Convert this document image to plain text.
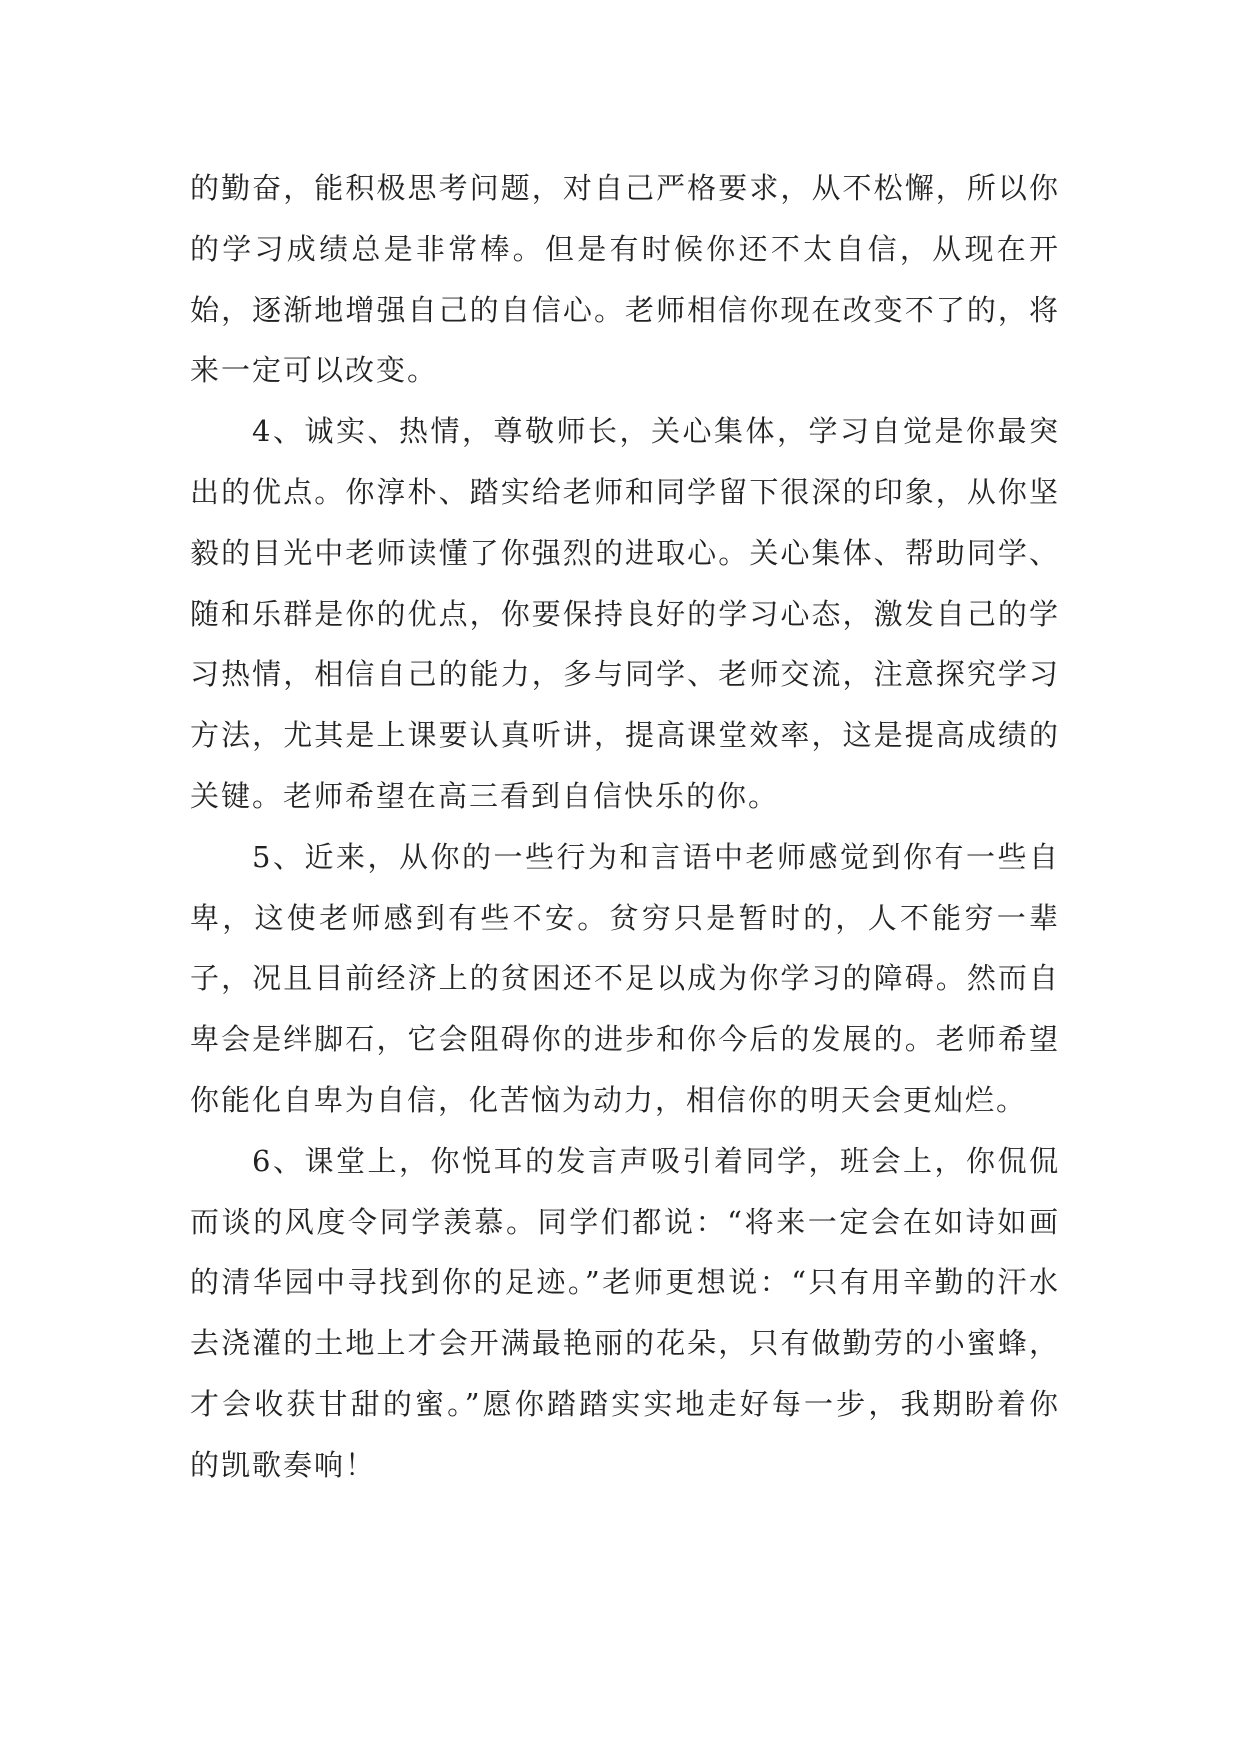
的勤奋，能积极思考问题，对自己严格要求，从不松懈，所以你的学习成绩总是非常棒。但是有时候你还不太自信，从现在开始，逐渐地增强自己的自信心。老师相信你现在改变不了的，将来一定可以改变。

4、诚实、热情，尊敬师长，关心集体，学习自觉是你最突出的优点。你淳朴、踏实给老师和同学留下很深的印象，从你坚毅的目光中老师读懂了你强烈的进取心。关心集体、帮助同学、随和乐群是你的优点，你要保持良好的学习心态，激发自己的学习热情，相信自己的能力，多与同学、老师交流，注意探究学习方法，尤其是上课要认真听讲，提高课堂效率，这是提高成绩的关键。老师希望在高三看到自信快乐的你。

5、近来，从你的一些行为和言语中老师感觉到你有一些自卑，这使老师感到有些不安。贫穷只是暂时的，人不能穷一辈子，况且目前经济上的贫困还不足以成为你学习的障碍。然而自卑会是绊脚石，它会阻碍你的进步和你今后的发展的。老师希望你能化自卑为自信，化苦恼为动力，相信你的明天会更灿烂。

6、课堂上，你悦耳的发言声吸引着同学，班会上，你侃侃而谈的风度令同学羡慕。同学们都说：“将来一定会在如诗如画的清华园中寻找到你的足迹。”老师更想说：“只有用辛勤的汗水去浇灌的土地上才会开满最艳丽的花朵，只有做勤劳的小蜜蜂，才会收获甘甜的蜜。”愿你踏踏实实地走好每一步，我期盼着你的凯歌奏响！
